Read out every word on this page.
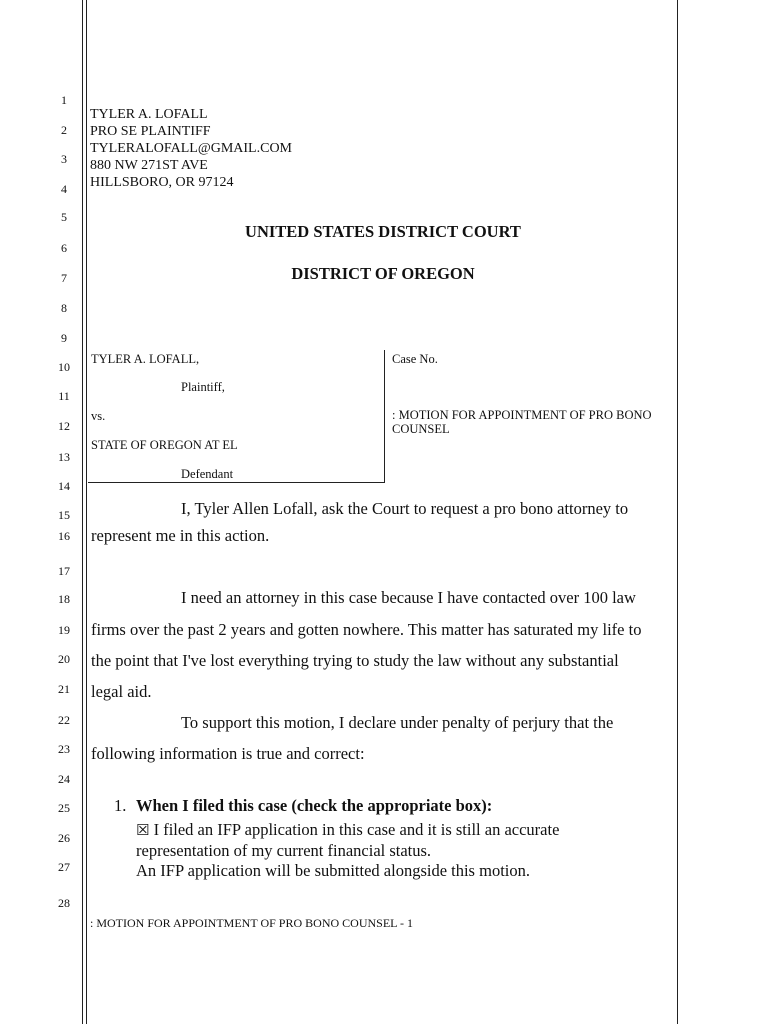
1
2
3
4
5
6
7
8
9
10
11
12
13
14
15
16
17
18
19
20
21
22
23
24
25
26
27
28
TYLER A. LOFALL
PRO SE PLAINTIFF
TYLERALOFALL@GMAIL.COM
880 NW 271ST AVE
HILLSBORO, OR 97124
UNITED STATES DISTRICT COURT
DISTRICT OF OREGON
TYLER A. LOFALL,
Plaintiff,
vs.
STATE OF OREGON AT EL
Defendant
Case No.
: MOTION FOR APPOINTMENT OF PRO BONO
COUNSEL
I, Tyler Allen Lofall, ask the Court to request a pro bono attorney to
represent me in this action.
I need an attorney in this case because I have contacted over 100 law
firms over the past 2 years and gotten nowhere. This matter has saturated my life to
the point that I've lost everything trying to study the law without any substantial
legal aid.
To support this motion, I declare under penalty of perjury that the
following information is true and correct:
1. When I filed this case (check the appropriate box):
☒ I filed an IFP application in this case and it is still an accurate
representation of my current financial status.
An IFP application will be submitted alongside this motion.
: MOTION FOR APPOINTMENT OF PRO BONO COUNSEL - 1
